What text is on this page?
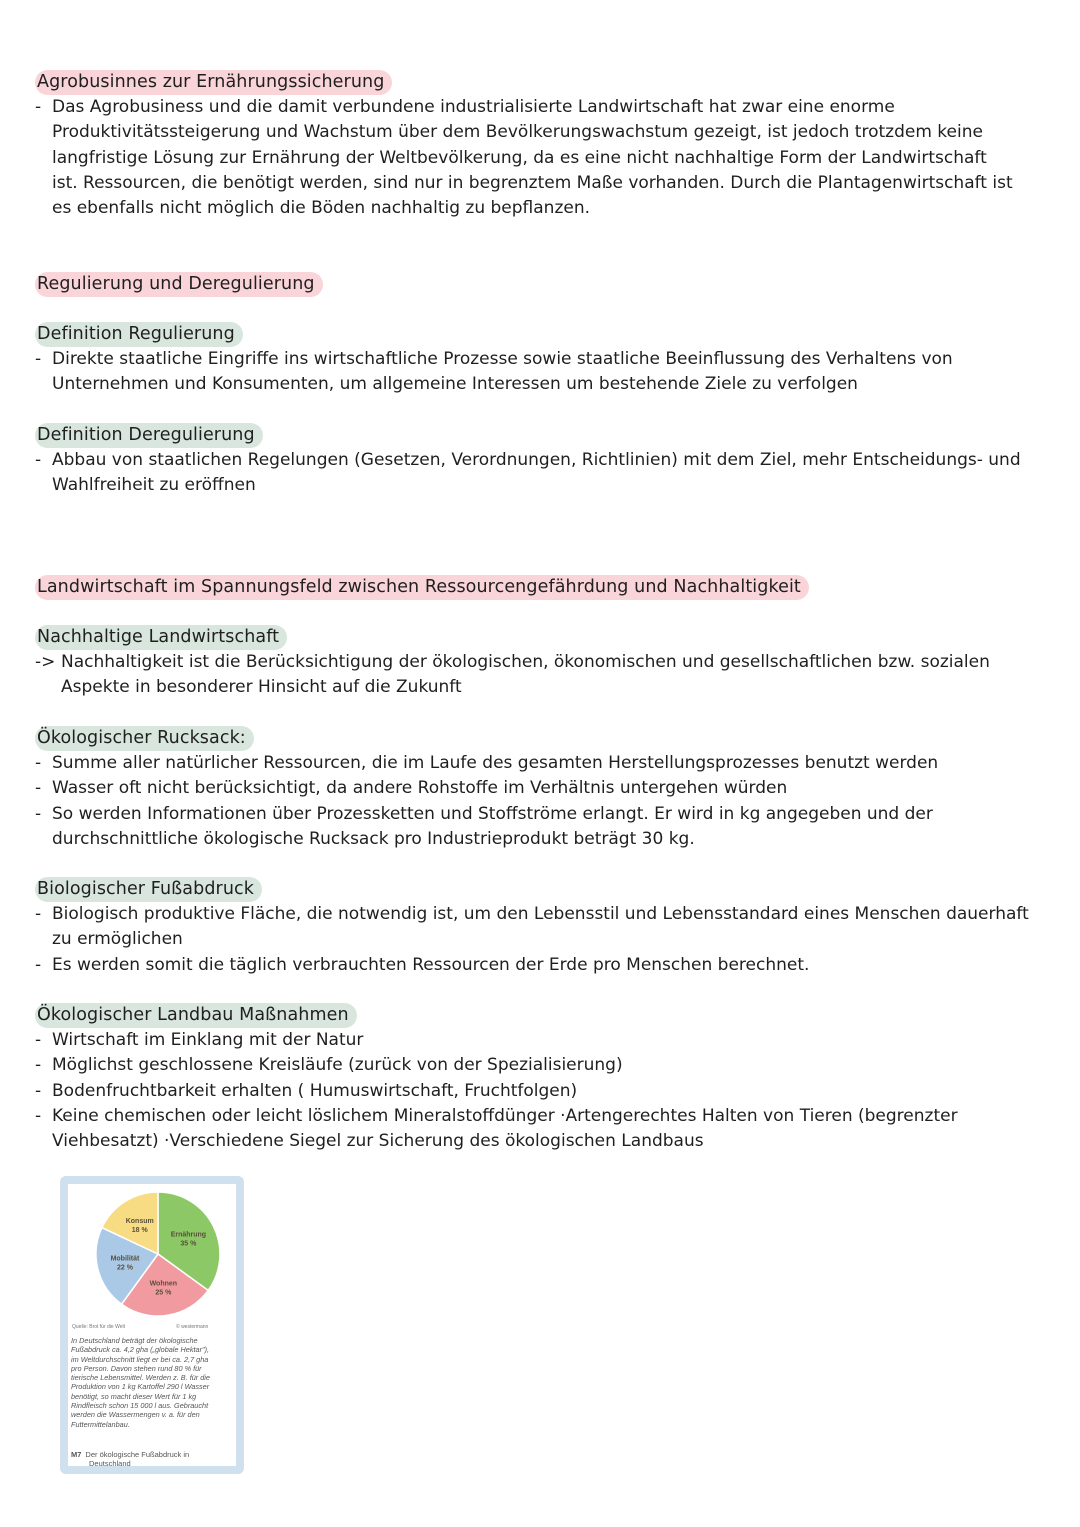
Agrobusinnes zur Ernährungssicherung
- Das Agrobusiness und die damit verbundene industrialisierte Landwirtschaft hat zwar eine enorme
Produktivitätssteigerung und Wachstum über dem Bevölkerungswachstum gezeigt, ist jedoch trotzdem keine
langfristige Lösung zur Ernährung der Weltbevölkerung, da es eine nicht nachhaltige Form der Landwirtschaft
ist. Ressourcen, die benötigt werden, sind nur in begrenztem Maße vorhanden. Durch die Plantagenwirtschaft ist
es ebenfalls nicht möglich die Böden nachhaltig zu bepflanzen.
Regulierung und Deregulierung
Definition Regulierung
- Direkte staatliche Eingriffe ins wirtschaftliche Prozesse sowie staatliche Beeinflussung des Verhaltens von
Unternehmen und Konsumenten, um allgemeine Interessen um bestehende Ziele zu verfolgen
Definition Deregulierung
- Abbau von staatlichen Regelungen (Gesetzen, Verordnungen, Richtlinien) mit dem Ziel, mehr Entscheidungs- und
Wahlfreiheit zu eröffnen
Landwirtschaft im Spannungsfeld zwischen Ressourcengefährdung und Nachhaltigkeit
Nachhaltige Landwirtschaft
-> Nachhaltigkeit ist die Berücksichtigung der ökologischen, ökonomischen und gesellschaftlichen bzw. sozialen
Aspekte in besonderer Hinsicht auf die Zukunft
Ökologischer Rucksack:
- Summe aller natürlicher Ressourcen, die im Laufe des gesamten Herstellungsprozesses benutzt werden
- Wasser oft nicht berücksichtigt, da andere Rohstoffe im Verhältnis untergehen würden
- So werden Informationen über Prozessketten und Stoffströme erlangt. Er wird in kg angegeben und der
durchschnittliche ökologische Rucksack pro Industrieprodukt beträgt 30 kg.
Biologischer Fußabdruck
- Biologisch produktive Fläche, die notwendig ist, um den Lebensstil und Lebensstandard eines Menschen dauerhaft
zu ermöglichen
- Es werden somit die täglich verbrauchten Ressourcen der Erde pro Menschen berechnet.
Ökologischer Landbau Maßnahmen
- Wirtschaft im Einklang mit der Natur
- Möglichst geschlossene Kreisläufe (zurück von der Spezialisierung)
- Bodenfruchtbarkeit erhalten ( Humuswirtschaft, Fruchtfolgen)
- Keine chemischen oder leicht löslichem Mineralstoffdünger ·Artengerechtes Halten von Tieren (begrenzter
Viehbesatzt) ·Verschiedene Siegel zur Sicherung des ökologischen Landbaus
Ernährung
35 %
Wohnen
25 %
Mobilität
22 %
Konsum
18 %
Quelle: Brot für die Welt	© westermann
In Deutschland beträgt der ökologische
Fußabdruck ca. 4,2 gha („globale Hektar"),
im Weltdurchschnitt liegt er bei ca. 2,7 gha
pro Person. Davon stehen rund 80 % für
tierische Lebensmittel. Werden z. B. für die
Produktion von 1 kg Kartoffel 290 l Wasser
benötigt, so macht dieser Wert für 1 kg
Rindfleisch schon 15 000 l aus. Gebraucht
werden die Wassermengen v. a. für den
Futtermittelanbau.
M7 Der ökologische Fußabdruck in
Deutschland
